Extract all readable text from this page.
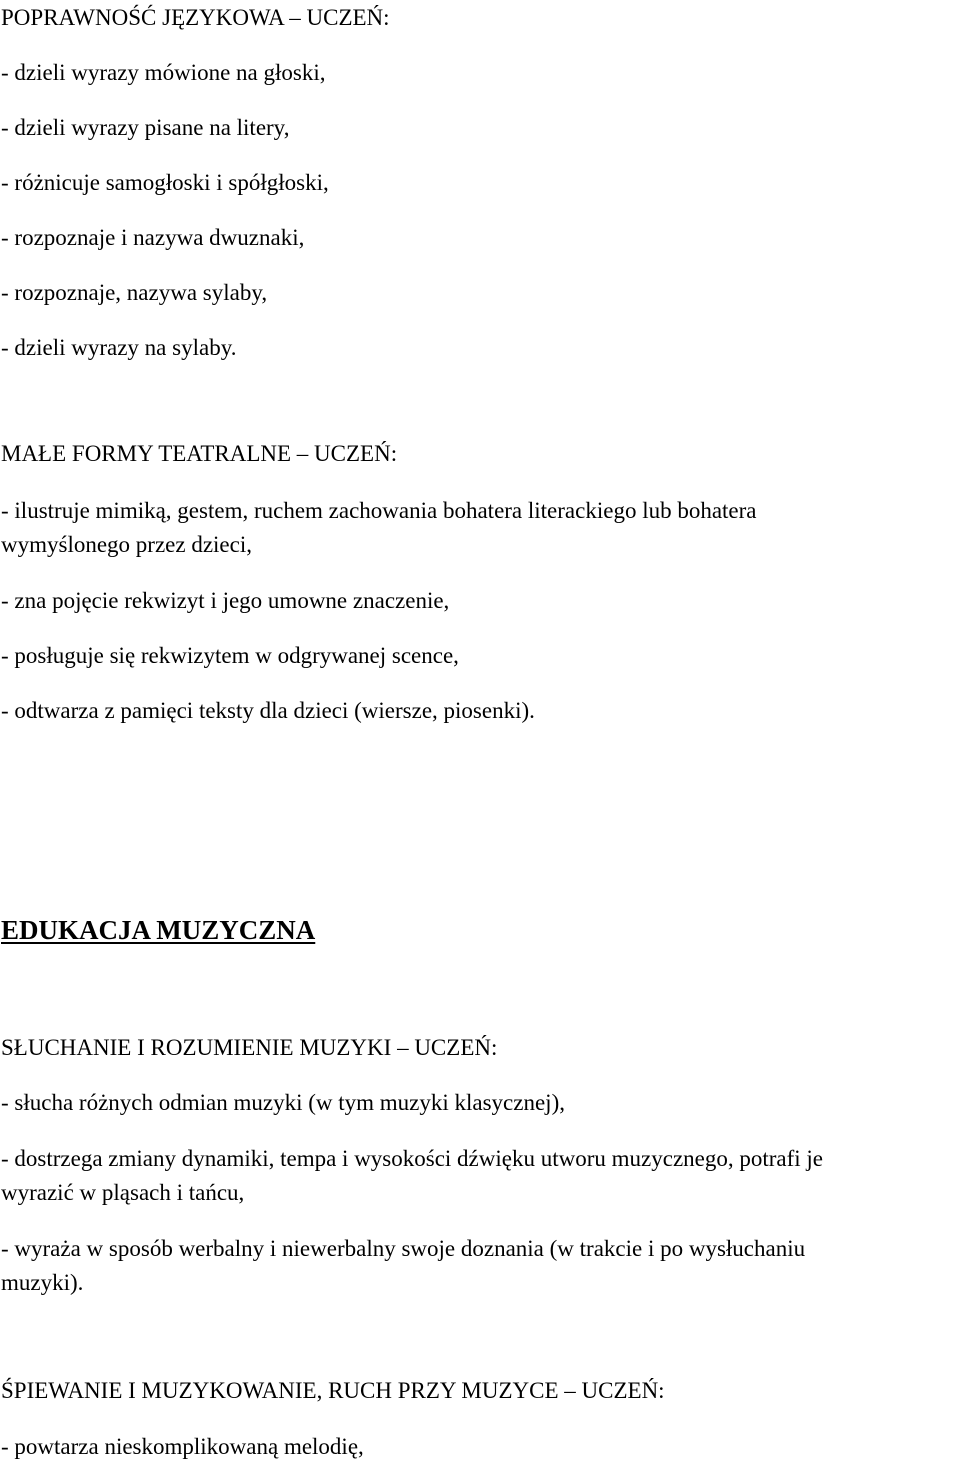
POPRAWNOŚĆ JĘZYKOWA – UCZEŃ:
- dzieli wyrazy mówione na głoski,
- dzieli wyrazy pisane na litery,
- różnicuje samogłoski i spółgłoski,
- rozpoznaje i nazywa dwuznaki,
- rozpoznaje, nazywa sylaby,
- dzieli wyrazy na sylaby.
MAŁE FORMY TEATRALNE – UCZEŃ:
- ilustruje mimiką, gestem, ruchem zachowania bohatera literackiego lub bohatera
wymyślonego przez dzieci,
- zna pojęcie rekwizyt i jego umowne znaczenie,
- posługuje się rekwizytem w odgrywanej scence,
- odtwarza z pamięci teksty dla dzieci (wiersze, piosenki).
EDUKACJA MUZYCZNA
SŁUCHANIE I ROZUMIENIE MUZYKI – UCZEŃ:
- słucha różnych odmian muzyki (w tym muzyki klasycznej),
- dostrzega zmiany dynamiki, tempa i wysokości dźwięku utworu muzycznego, potrafi je
wyrazić w pląsach i tańcu,
- wyraża w sposób werbalny i niewerbalny swoje doznania (w trakcie i po wysłuchaniu
muzyki).
ŚPIEWANIE I MUZYKOWANIE, RUCH PRZY MUZYCE – UCZEŃ:
- powtarza nieskomplikowaną melodię,
